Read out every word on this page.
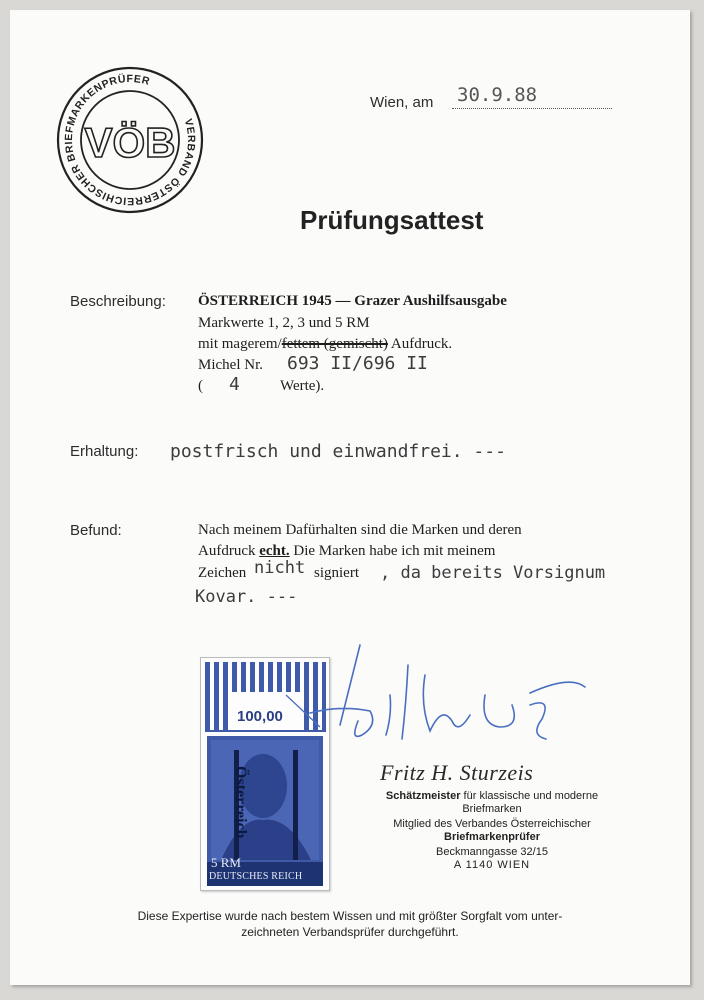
VERBAND ÖSTERREICHISCHER BRIEFMARKENPRÜFER
VÖB
Wien, am 30.9.88
Prüfungsattest
Beschreibung: ÖSTERREICH 1945 — Grazer Aushilfsausgabe
Markwerte 1, 2, 3 und 5 RM
mit magerem/fettem (gemischt) Aufdruck.
Michel Nr. 693 II/696 II
( 4	Werte).
Erhaltung: postfrisch und einwandfrei. ---
Befund:	Nach meinem Dafürhalten sind die Marken und deren
Aufdruck echt. Die Marken habe ich mit meinem
Zeichen nicht signiert , da bereits Vorsignum
Kovar. ---
100,00
Österreich
5 RM
DEUTSCHES REICH
Fritz H. Sturzeis
Schätzmeister für klassische und moderne
Briefmarken
Mitglied des Verbandes Österreichischer
Briefmarkenprüfer
Beckmanngasse 32/15
A 1140 WIEN
Diese Expertise wurde nach bestem Wissen und mit größter Sorgfalt vom unter-
zeichneten Verbandsprüfer durchgeführt.
